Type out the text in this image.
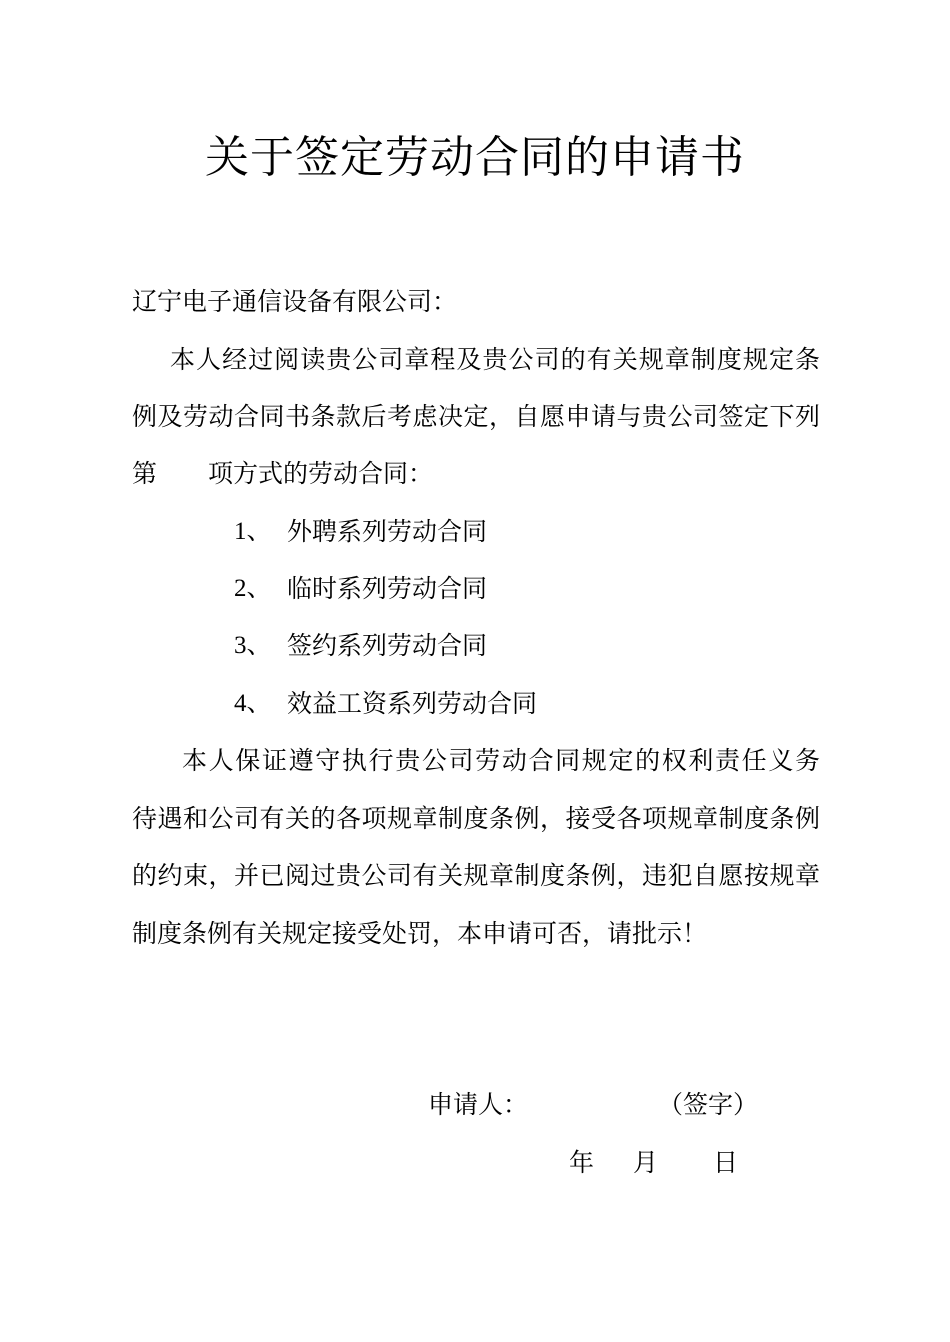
关于签定劳动合同的申请书
辽宁电子通信设备有限公司：
本人经过阅读贵公司章程及贵公司的有关规章制度规定条
例及劳动合同书条款后考虑决定，自愿申请与贵公司签定下列
第 项方式的劳动合同：
1、 外聘系列劳动合同
2、 临时系列劳动合同
3、 签约系列劳动合同
4、 效益工资系列劳动合同
本人保证遵守执行贵公司劳动合同规定的权利责任义务
待遇和公司有关的各项规章制度条例，接受各项规章制度条例
的约束，并已阅过贵公司有关规章制度条例，违犯自愿按规章
制度条例有关规定接受处罚，本申请可否，请批示！
申请人：	（签字）
年 月 日
